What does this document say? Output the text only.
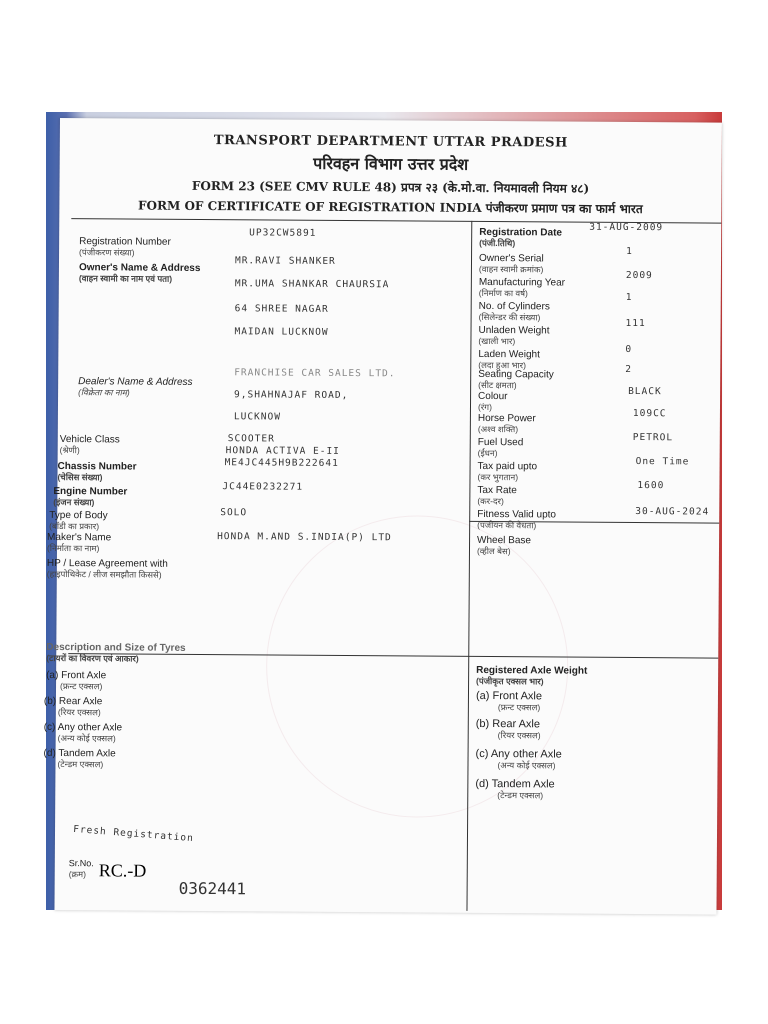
TRANSPORT DEPARTMENT UTTAR PRADESH
परिवहन विभाग उत्तर प्रदेश
FORM 23 (SEE CMV RULE 48) प्रपत्र २३ (के.मो.वा. नियमावली नियम ४८)
FORM OF CERTIFICATE OF REGISTRATION INDIA पंजीकरण प्रमाण पत्र का फार्म भारत
Registration Number
(पंजीकरण संख्या)
UP32CW5891
Owner's Name & Address
(वाहन स्वामी का नाम एवं पता)
MR.RAVI SHANKER
MR.UMA SHANKAR CHAURSIA
64 SHREE NAGAR
MAIDAN LUCKNOW
Dealer's Name & Address
(विक्रेता का नाम)
FRANCHISE CAR SALES LTD.
9,SHAHNAJAF ROAD,
LUCKNOW
Vehicle Class
(श्रेणी)
SCOOTER
HONDA ACTIVA E-II
Chassis Number
(चेसिस संख्या)
ME4JC445H9B222641
Engine Number
(इंजन संख्या)
JC44E0232271
Type of Body
(बॉडी का प्रकार)
SOLO
Maker's Name
(निर्माता का नाम)
HONDA M.AND S.INDIA(P) LTD
HP / Lease Agreement with
(हाइपोथिकेट / लीज समझौता किससे)
Registration Date
(पंजी.तिथि)
31-AUG-2009
Owner's Serial
(वाहन स्वामी क्रमांक)
1
Manufacturing Year
(निर्माण का वर्ष)
2009
No. of Cylinders
(सिलेन्डर की संख्या)
1
Unladen Weight
(खाली भार)
111
Laden Weight
(लदा हुआ भार)
0
Seating Capacity
(सीट क्षमता)
2
Colour
(रंग)
BLACK
Horse Power
(अश्व शक्ति)
109CC
Fuel Used
(ईंधन)
PETROL
Tax paid upto
(कर भुगतान)
One Time
Tax Rate
(कर-दर)
1600
Fitness Valid upto
(पंजीयन की वैधता)
30-AUG-2024
Wheel Base
(व्हील बेस)
Description and Size of Tyres
(टायरों का विवरण एवं आकार)
(a) Front Axle
(फ्रन्ट एक्सल)
(b) Rear Axle
(रियर एक्सल)
(c) Any other Axle
(अन्य कोई एक्सल)
(d) Tandem Axle
(टेन्डम एक्सल)
Fresh Registration
Registered Axle Weight
(पंजीकृत एक्सल भार)
(a) Front Axle
(फ्रन्ट एक्सल)
(b) Rear Axle
(रियर एक्सल)
(c) Any other Axle
(अन्य कोई एक्सल)
(d) Tandem Axle
(टेन्डम एक्सल)
Sr.No.
(क्रम) RC.-D
0362441
